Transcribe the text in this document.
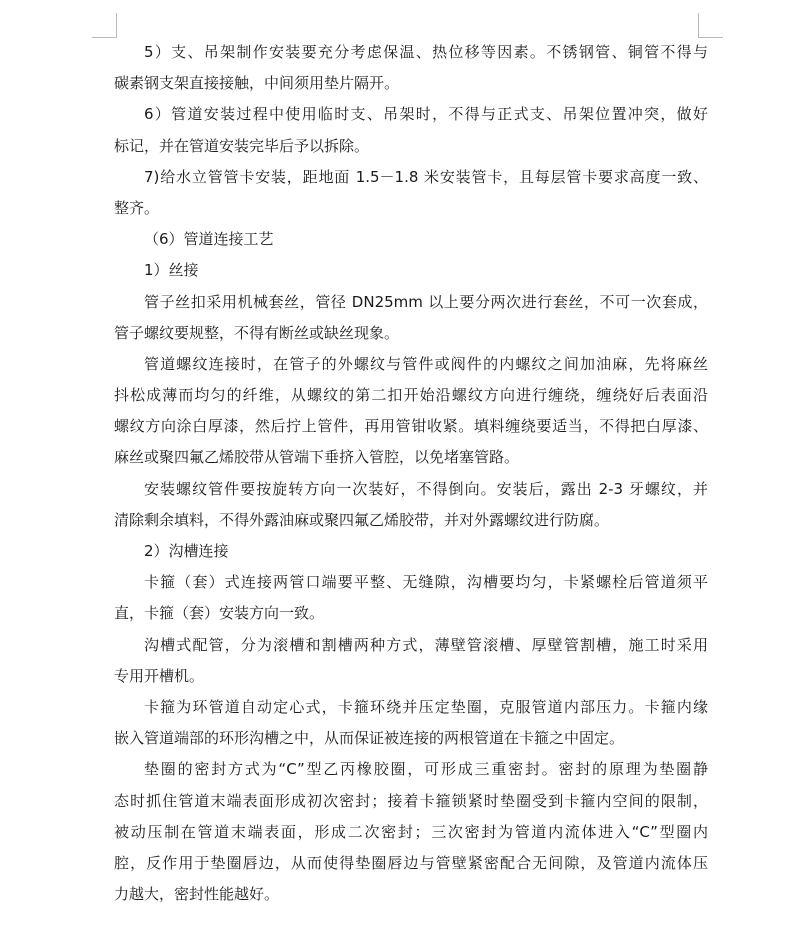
5）支、吊架制作安装要充分考虑保温、热位移等因素。不锈钢管、铜管不得与
碳素钢支架直接接触，中间须用垫片隔开。
6）管道安装过程中使用临时支、吊架时，不得与正式支、吊架位置冲突，做好
标记，并在管道安装完毕后予以拆除。
7)给水立管管卡安装，距地面 1.5－1.8 米安装管卡，且每层管卡要求高度一致、
整齐。
（6）管道连接工艺
1）丝接
管子丝扣采用机械套丝，管径 DN25mm 以上要分两次进行套丝，不可一次套成，
管子螺纹要规整，不得有断丝或缺丝现象。
管道螺纹连接时，在管子的外螺纹与管件或阀件的内螺纹之间加油麻，先将麻丝
抖松成薄而均匀的纤维，从螺纹的第二扣开始沿螺纹方向进行缠绕，缠绕好后表面沿
螺纹方向涂白厚漆，然后拧上管件，再用管钳收紧。填料缠绕要适当，不得把白厚漆、
麻丝或聚四氟乙烯胶带从管端下垂挤入管腔，以免堵塞管路。
安装螺纹管件要按旋转方向一次装好，不得倒向。安装后，露出 2-3 牙螺纹，并
清除剩余填料，不得外露油麻或聚四氟乙烯胶带，并对外露螺纹进行防腐。
2）沟槽连接
卡箍（套）式连接两管口端要平整、无缝隙，沟槽要均匀，卡紧螺栓后管道须平
直，卡箍（套）安装方向一致。
沟槽式配管，分为滚槽和割槽两种方式，薄壁管滚槽、厚壁管割槽，施工时采用
专用开槽机。
卡箍为环管道自动定心式，卡箍环绕并压定垫圈，克服管道内部压力。卡箍内缘
嵌入管道端部的环形沟槽之中，从而保证被连接的两根管道在卡箍之中固定。
垫圈的密封方式为“C”型乙丙橡胶圈，可形成三重密封。密封的原理为垫圈静
态时抓住管道末端表面形成初次密封；接着卡箍锁紧时垫圈受到卡箍内空间的限制，
被动压制在管道末端表面，形成二次密封；三次密封为管道内流体进入“C”型圈内
腔，反作用于垫圈唇边，从而使得垫圈唇边与管壁紧密配合无间隙，及管道内流体压
力越大，密封性能越好。
